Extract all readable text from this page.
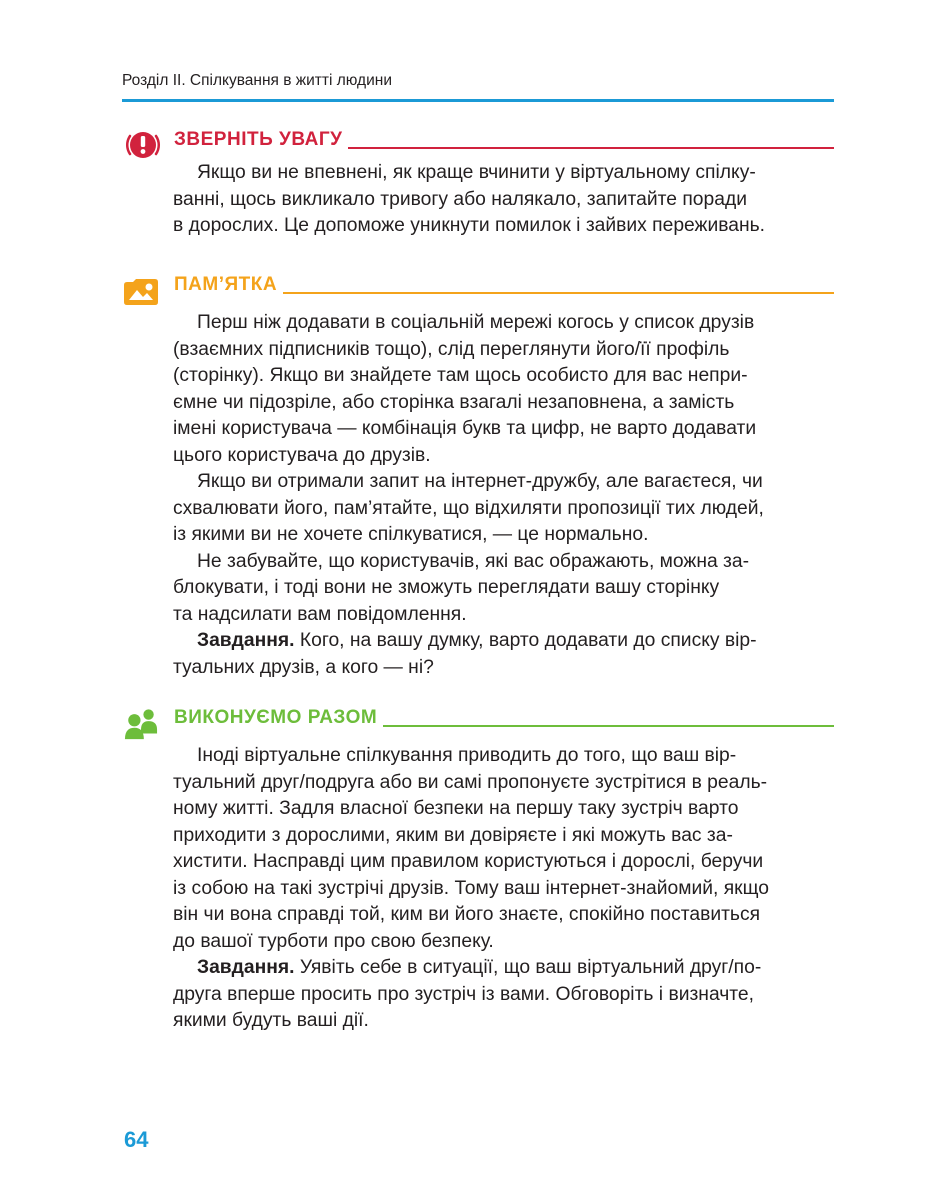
Розділ ІІ. Спілкування в житті людини
ЗВЕРНІТЬ УВАГУ

Якщо ви не впевнені, як краще вчинити у віртуальному спілку-
ванні, щось викликало тривогу або налякало, запитайте поради
в дорослих. Це допоможе уникнути помилок і зайвих переживань.

ПАМ’ЯТКА

Перш ніж додавати в соціальній мережі когось у список друзів
(взаємних підписників тощо), слід переглянути його/її профіль
(сторінку). Якщо ви знайдете там щось особисто для вас непри-
ємне чи підозріле, або сторінка взагалі незаповнена, а замість
імені користувача — комбінація букв та цифр, не варто додавати
цього користувача до друзів.

Якщо ви отримали запит на інтернет-дружбу, але вагаєтеся, чи
схвалювати його, пам’ятайте, що відхиляти пропозиції тих людей,
із якими ви не хочете спілкуватися, — це нормально.

Не забувайте, що користувачів, які вас ображають, можна за-
блокувати, і тоді вони не зможуть переглядати вашу сторінку
та надсилати вам повідомлення.

Завдання. Кого, на вашу думку, варто додавати до списку вір-
туальних друзів, а кого — ні?

ВИКОНУЄМО РАЗОМ

Іноді віртуальне спілкування приводить до того, що ваш вір-
туальний друг/подруга або ви самі пропонуєте зустрітися в реаль-
ному житті. Задля власної безпеки на першу таку зустріч варто
приходити з дорослими, яким ви довіряєте і які можуть вас за-
хистити. Насправді цим правилом користуються і дорослі, беручи
із собою на такі зустрічі друзів. Тому ваш інтернет-знайомий, якщо
він чи вона справді той, ким ви його знаєте, спокійно поставиться
до вашої турботи про свою безпеку.

Завдання. Уявіть себе в ситуації, що ваш віртуальний друг/по-
друга вперше просить про зустріч із вами. Обговоріть і визначте,
якими будуть ваші дії.

64
